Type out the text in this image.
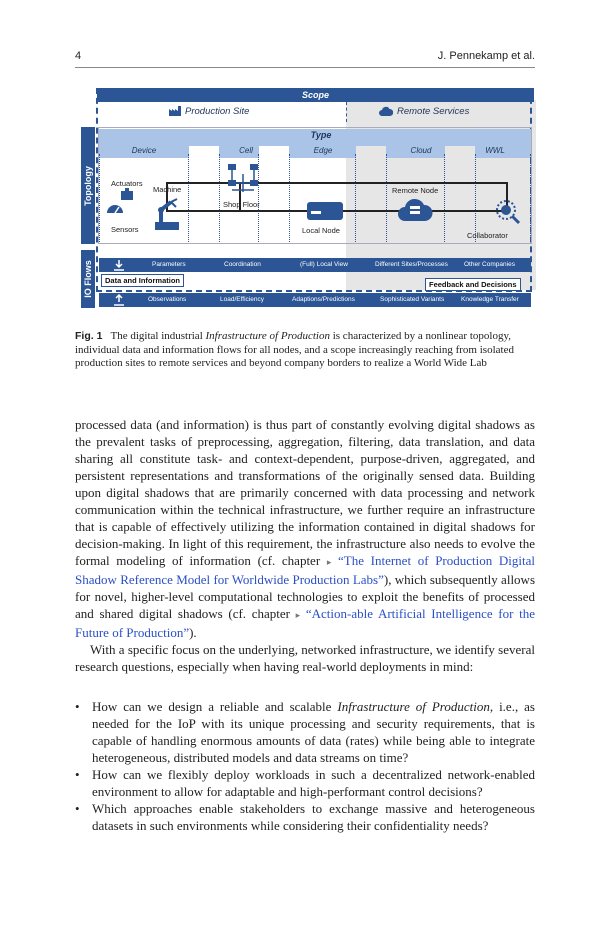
4	J. Pennekamp et al.
Scope
Production Site	Remote Services
Topology
IO Flows
Type
Device	Cell	Edge	Cloud	WWL
Actuators
Sensors
Machine
Shop Floor
Local Node
Remote Node
Collaborator
Parameters	Coordination	(Full) Local View	Different Sites/Processes Other Companies
Data and Information	Feedback and Decisions
Observations	Load/Efficiency	Adaptions/Predictions	Sophisticated Variants	Knowledge Transfer
Fig. 1 The digital industrial Infrastructure of Production is characterized by a nonlinear topology, individual data and information flows for all nodes, and a scope increasingly reaching from isolated production sites to remote services and beyond company borders to realize a World Wide Lab

processed data (and information) is thus part of constantly evolving digital shadows as the prevalent tasks of preprocessing, aggregation, filtering, data translation, and data sharing all constitute task- and context-dependent, purpose-driven, aggregated, and persistent representations and transformations of the originally sensed data. Building upon digital shadows that are primarily concerned with data processing and network communication within the technical infrastructure, we further require an infrastructure that is capable of effectively utilizing the information contained in digital shadows for decision-making. In light of this requirement, the infrastructure also needs to evolve the formal modeling of information (cf. chapter ▸ “The Internet of Production Digital Shadow Reference Model for Worldwide Production Labs”), which subsequently allows for novel, higher-level computational technologies to exploit the benefits of processed and shared digital shadows (cf. chapter ▸ “Action-able Artificial Intelligence for the Future of Production”).

With a specific focus on the underlying, networked infrastructure, we identify several research questions, especially when having real-world deployments in mind:

• How can we design a reliable and scalable Infrastructure of Production, i.e., as needed for the IoP with its unique processing and security requirements, that is capable of handling enormous amounts of data (rates) while being able to integrate heterogeneous, distributed models and data streams on time?
• How can we flexibly deploy workloads in such a decentralized network-enabled environment to allow for adaptable and high-performant control decisions?
• Which approaches enable stakeholders to exchange massive and heterogeneous datasets in such environments while considering their confidentiality needs?
